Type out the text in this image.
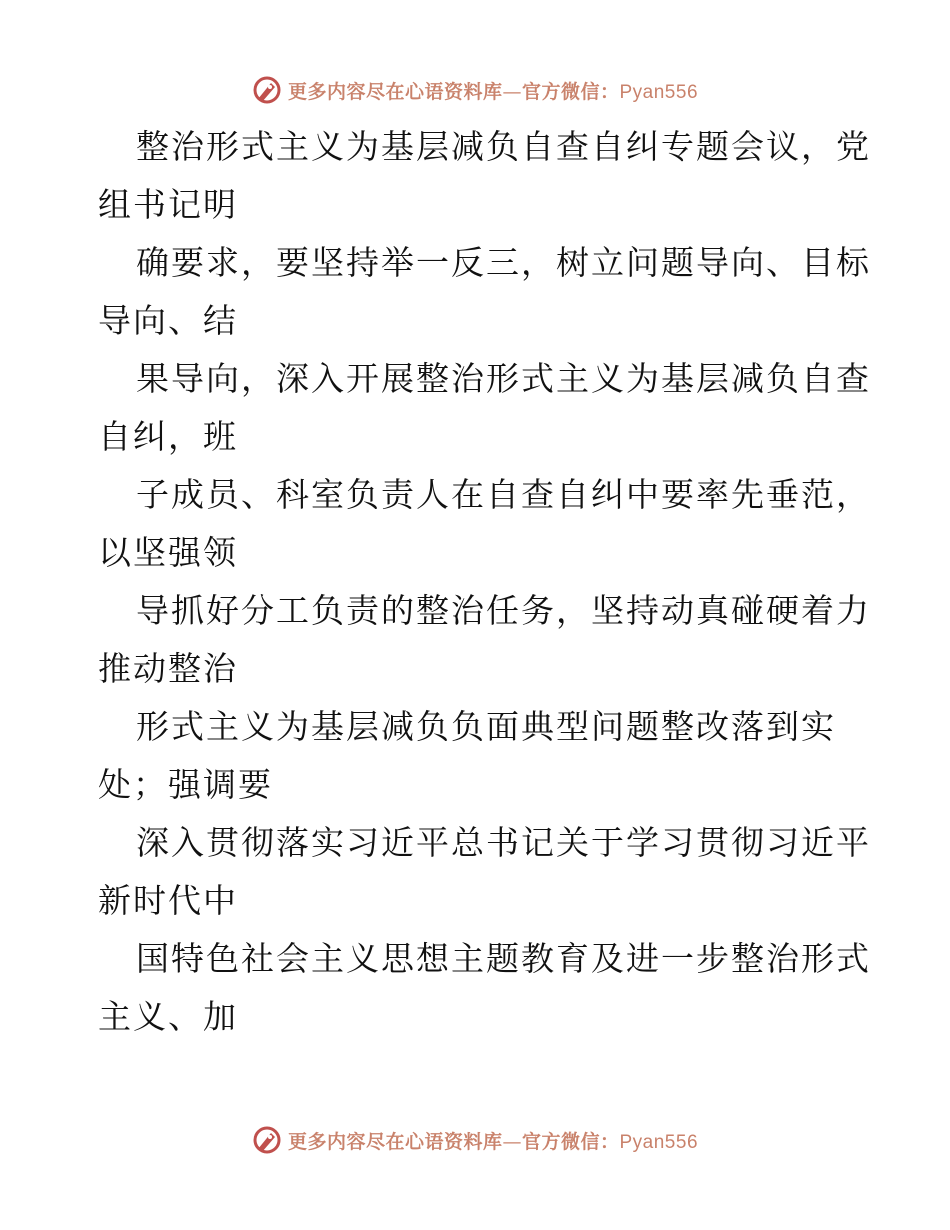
更多内容尽在心语资料库—官方微信：Pyan556
整治形式主义为基层减负自查自纠专题会议，党
组书记明
确要求，要坚持举一反三，树立问题导向、目标
导向、结
果导向，深入开展整治形式主义为基层减负自查
自纠，班
子成员、科室负责人在自查自纠中要率先垂范，
以坚强领
导抓好分工负责的整治任务，坚持动真碰硬着力
推动整治
形式主义为基层减负负面典型问题整改落到实
处；强调要
深入贯彻落实习近平总书记关于学习贯彻习近平
新时代中
国特色社会主义思想主题教育及进一步整治形式
主义、加
更多内容尽在心语资料库—官方微信：Pyan556
